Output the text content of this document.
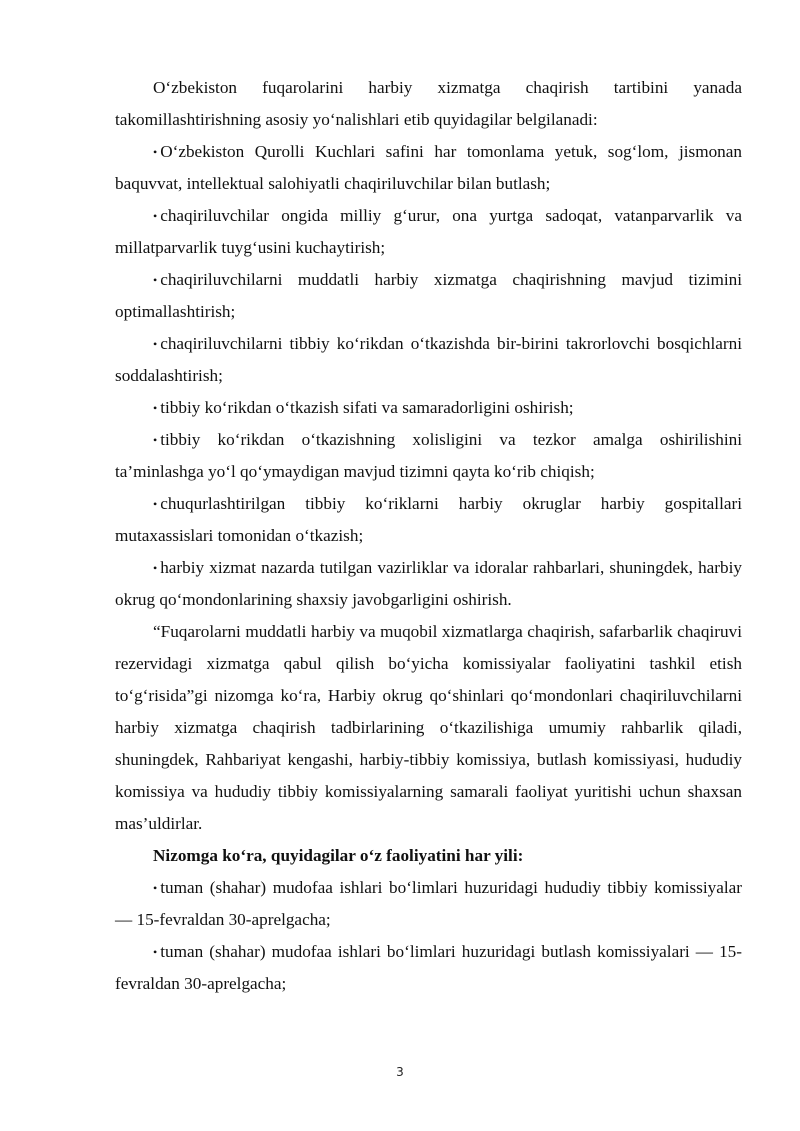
O‘zbekiston fuqarolarini harbiy xizmatga chaqirish tartibini yanada takomillashtirishning asosiy yo‘nalishlari etib quyidagilar belgilanadi:

• O‘zbekiston Qurolli Kuchlari safini har tomonlama yetuk, sog‘lom, jismonan baquvvat, intellektual salohiyatli chaqiriluvchilar bilan butlash;

• chaqiriluvchilar ongida milliy g‘urur, ona yurtga sadoqat, vatanparvarlik va millatparvarlik tuyg‘usini kuchaytirish;

• chaqiriluvchilarni muddatli harbiy xizmatga chaqirishning mavjud tizimini optimallashtirish;

• chaqiriluvchilarni tibbiy ko‘rikdan o‘tkazishda bir-birini takrorlovchi bosqichlarni soddalashtirish;

• tibbiy ko‘rikdan o‘tkazish sifati va samaradorligini oshirish;

• tibbiy ko‘rikdan o‘tkazishning xolisligini va tezkor amalga oshirilishini ta’minlashga yo‘l qo‘ymaydigan mavjud tizimni qayta ko‘rib chiqish;

• chuqurlashtirilgan tibbiy ko‘riklarni harbiy okruglar harbiy gospitallari mutaxassislari tomonidan o‘tkazish;

• harbiy xizmat nazarda tutilgan vazirliklar va idoralar rahbarlari, shuningdek, harbiy okrug qo‘mondonlarining shaxsiy javobgarligini oshirish.

“Fuqarolarni muddatli harbiy va muqobil xizmatlarga chaqirish, safarbarlik chaqiruvi rezervidagi xizmatga qabul qilish bo‘yicha komissiyalar faoliyatini tashkil etish to‘g‘risida”gi nizomga ko‘ra, Harbiy okrug qo‘shinlari qo‘mondonlari chaqiriluvchilarni harbiy xizmatga chaqirish tadbirlarining o‘tkazilishiga umumiy rahbarlik qiladi, shuningdek, Rahbariyat kengashi, harbiy-tibbiy komissiya, butlash komissiyasi, hududiy komissiya va hududiy tibbiy komissiyalarning samarali faoliyat yuritishi uchun shaxsan mas’uldirlar.

Nizomga ko‘ra, quyidagilar o‘z faoliyatini har yili:

• tuman (shahar) mudofaa ishlari bo‘limlari huzuridagi hududiy tibbiy komissiyalar — 15-fevraldan 30-aprelgacha;

• tuman (shahar) mudofaa ishlari bo‘limlari huzuridagi butlash komissiyalari — 15-fevraldan 30-aprelgacha;

3
